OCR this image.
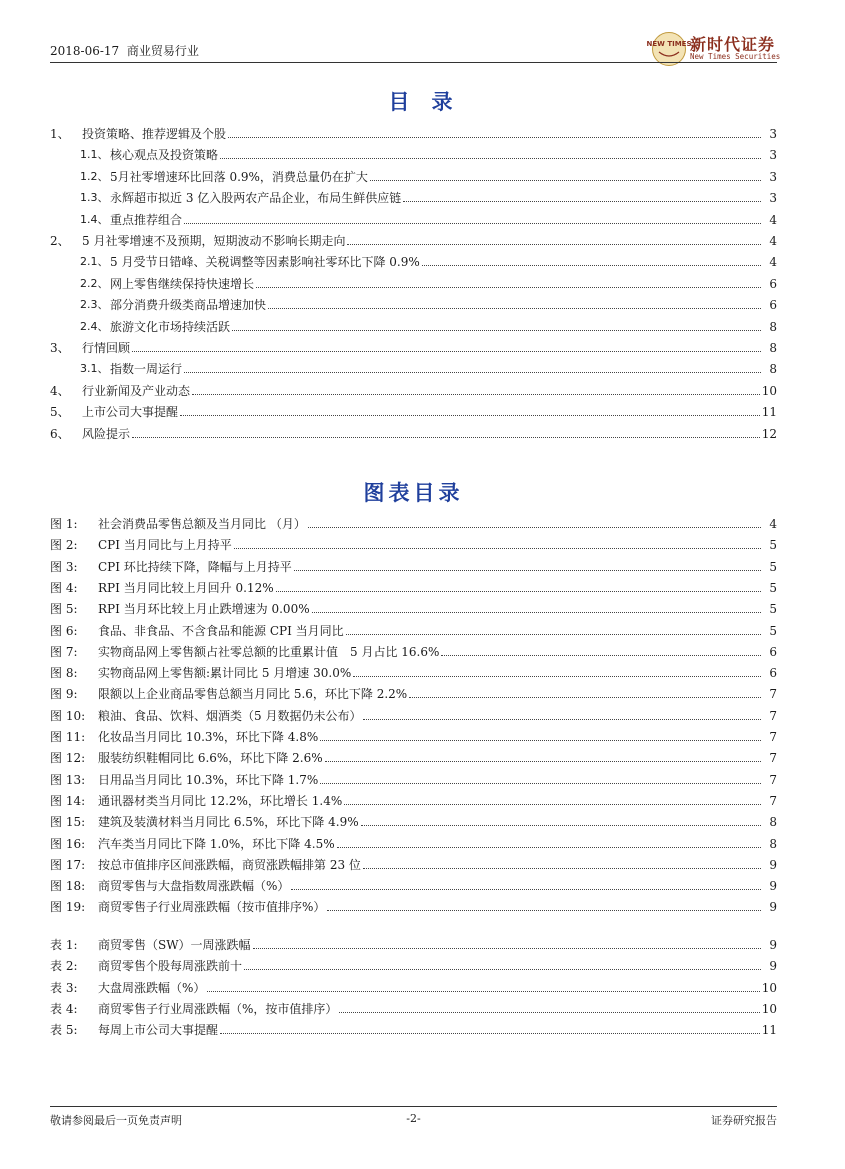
2018-06-17 商业贸易行业	NEW TIMES
新时代证券
New Times Securities
目录
1、	投资策略、推荐逻辑及个股	3
1.1、 核心观点及投资策略	3
1.2、 5月社零增速环比回落 0.9%，消费总量仍在扩大	3
1.3、 永辉超市拟近 3 亿入股两农产品企业，布局生鲜供应链	3
1.4、 重点推荐组合	4
2、	5 月社零增速不及预期，短期波动不影响长期走向	4
2.1、 5 月受节日错峰、关税调整等因素影响社零环比下降 0.9%	4
2.2、 网上零售继续保持快速增长	6
2.3、 部分消费升级类商品增速加快	6
2.4、 旅游文化市场持续活跃	8
3、	行情回顾	8
3.1、 指数一周运行	8
4、	行业新闻及产业动态	10
5、	上市公司大事提醒	11
6、	风险提示	12
图表目录
图 1:	社会消费品零售总额及当月同比 （月）	4
图 2:	CPI 当月同比与上月持平	5
图 3:	CPI 环比持续下降，降幅与上月持平	5
图 4:	RPI 当月同比较上月回升 0.12%	5
图 5:	RPI 当月环比较上月止跌增速为 0.00%	5
图 6:	食品、非食品、不含食品和能源 CPI 当月同比	5
图 7:	实物商品网上零售额占社零总额的比重累计值　5 月占比 16.6%	6
图 8:	实物商品网上零售额:累计同比 5 月增速 30.0%	6
图 9:	限额以上企业商品零售总额当月同比 5.6，环比下降 2.2%	7
图 10:	粮油、食品、饮料、烟酒类（5 月数据仍未公布）	7
图 11:	化妆品当月同比 10.3%，环比下降 4.8%	7
图 12:	服装纺织鞋帽同比 6.6%，环比下降 2.6%	7
图 13:	日用品当月同比 10.3%，环比下降 1.7%	7
图 14:	通讯器材类当月同比 12.2%，环比增长 1.4%	7
图 15:	建筑及装潢材料当月同比 6.5%，环比下降 4.9%	8
图 16:	汽车类当月同比下降 1.0%，环比下降 4.5%	8
图 17:	按总市值排序区间涨跌幅，商贸涨跌幅排第 23 位	9
图 18:	商贸零售与大盘指数周涨跌幅（%）	9
图 19:	商贸零售子行业周涨跌幅（按市值排序%）	9
表 1:	商贸零售（SW）一周涨跌幅	9
表 2:	商贸零售个股每周涨跌前十	9
表 3:	大盘周涨跌幅（%）	10
表 4:	商贸零售子行业周涨跌幅（%，按市值排序）	10
表 5:	每周上市公司大事提醒	11
敬请参阅最后一页免责声明	-2-	证券研究报告
